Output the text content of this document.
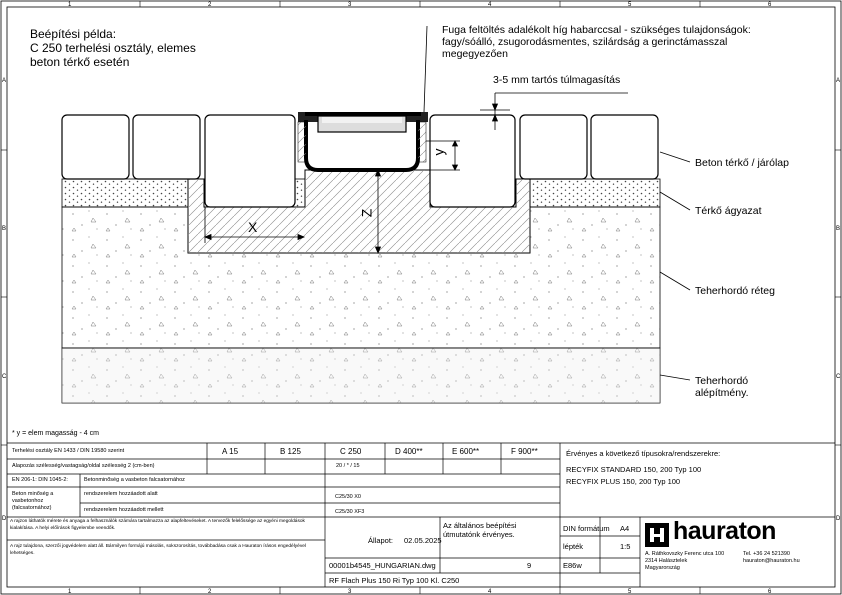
1	2	3	4	5	6
1	2	3	4	5	6
A
B
C
D
A
B
C
D
Beépítési példa:
C 250 terhelési osztály, elemes
beton térkő esetén
Fuga feltöltés adalékolt híg habarccsal - szükséges tulajdonságok:
fagy/sóálló, zsugorodásmentes, szilárdság a gerinctámasszal
megegyezően
3-5 mm tartós túlmagasítás
X
y
Z
Beton térkő / járólap
Térkő ágyazat
Teherhordó réteg
Teherhordó alépítmény.
* y = elem magasság - 4 cm
Terhelési osztály EN 1433 / DIN 19580 szerint	A 15	B 125	C 250	D 400**	E 600**	F 900**
Alapozás szélesség/vastagság/oldal szélesség 2 (cm-ben)	20 / * / 15
EN 206-1: DIN 1045-2:	Betonminőség a vasbeton falcsatornához
Beton minőség a vasbetonhoz (falcsatornához)
rendszerelem hozzáadott alatt	C25/30 X0
rendszerelem hozzáadott mellett	C25/30 XF3
Érvényes a következő típusokra/rendszerekre:
RECYFIX STANDARD 150, 200 Typ 100
RECYFIX PLUS 150, 200 Typ 100
A rajzon láthatók mérete és anyaga a felhasználók számára tartalmazza az alapfeltevéseket. A tervezők felelőssége az egyéni megoldások kialakítása. A helyi előírások figyelembe veendők.
A rajz tulajdona, szerzői jogvédelem alatt áll. Bármilyen formájú másolás, sokszorosítás, továbbadása csak a Hauraton írásos engedélyével lehetséges.
Állapot: 02.05.2025
Az általános beépítési útmutatónk érvényes.
DIN formátum A4
lépték	1:5
00001b4545_HUNGARIAN.dwg	9	E86w
RF Flach Plus 150 Ri Typ 100 Kl. C250
hauraton
A. Ráthkovszky Ferenc utca 100
2314 Halásztelek
Magyarország
Tel. +36 24 521390
hauraton@hauraton.hu
